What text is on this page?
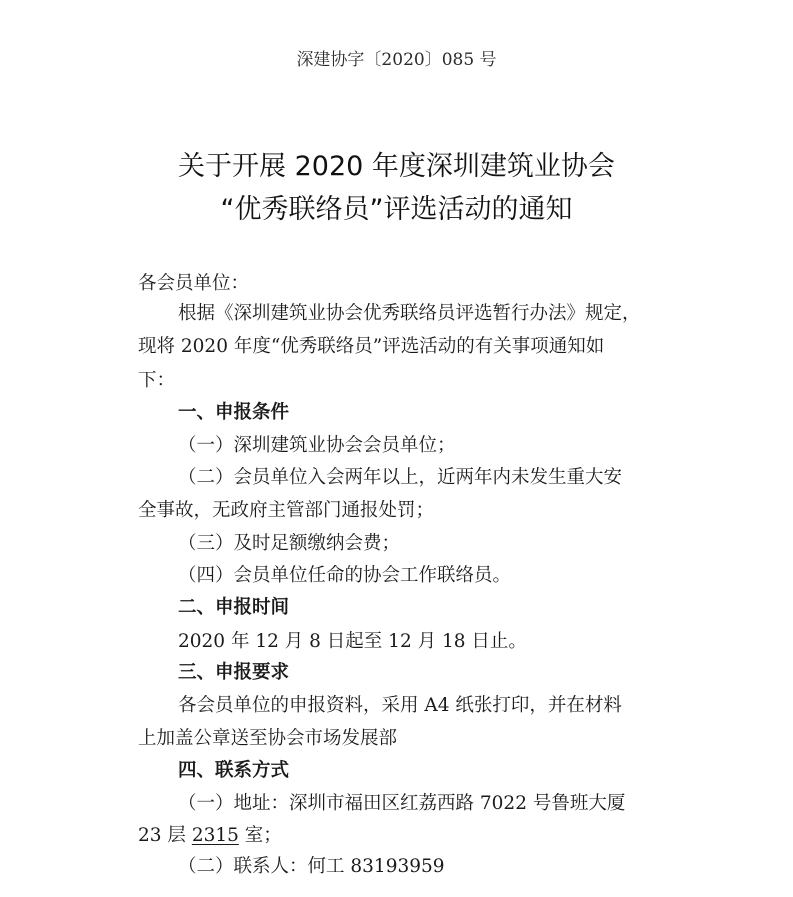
深建协字〔2020〕085 号
关于开展 2020 年度深圳建筑业协会
“优秀联络员”评选活动的通知
各会员单位：
根据《深圳建筑业协会优秀联络员评选暂行办法》规定，
现将 2020 年度“优秀联络员”评选活动的有关事项通知如
下：
一、申报条件
（一）深圳建筑业协会会员单位；
（二）会员单位入会两年以上，近两年内未发生重大安
全事故，无政府主管部门通报处罚；
（三）及时足额缴纳会费；
（四）会员单位任命的协会工作联络员。
二、申报时间
2020 年 12 月 8 日起至 12 月 18 日止。
三、申报要求
各会员单位的申报资料，采用 A4 纸张打印，并在材料
上加盖公章送至协会市场发展部
四、联系方式
（一）地址：深圳市福田区红荔西路 7022 号鲁班大厦
23 层 2315 室；
（二）联系人：何工 83193959
